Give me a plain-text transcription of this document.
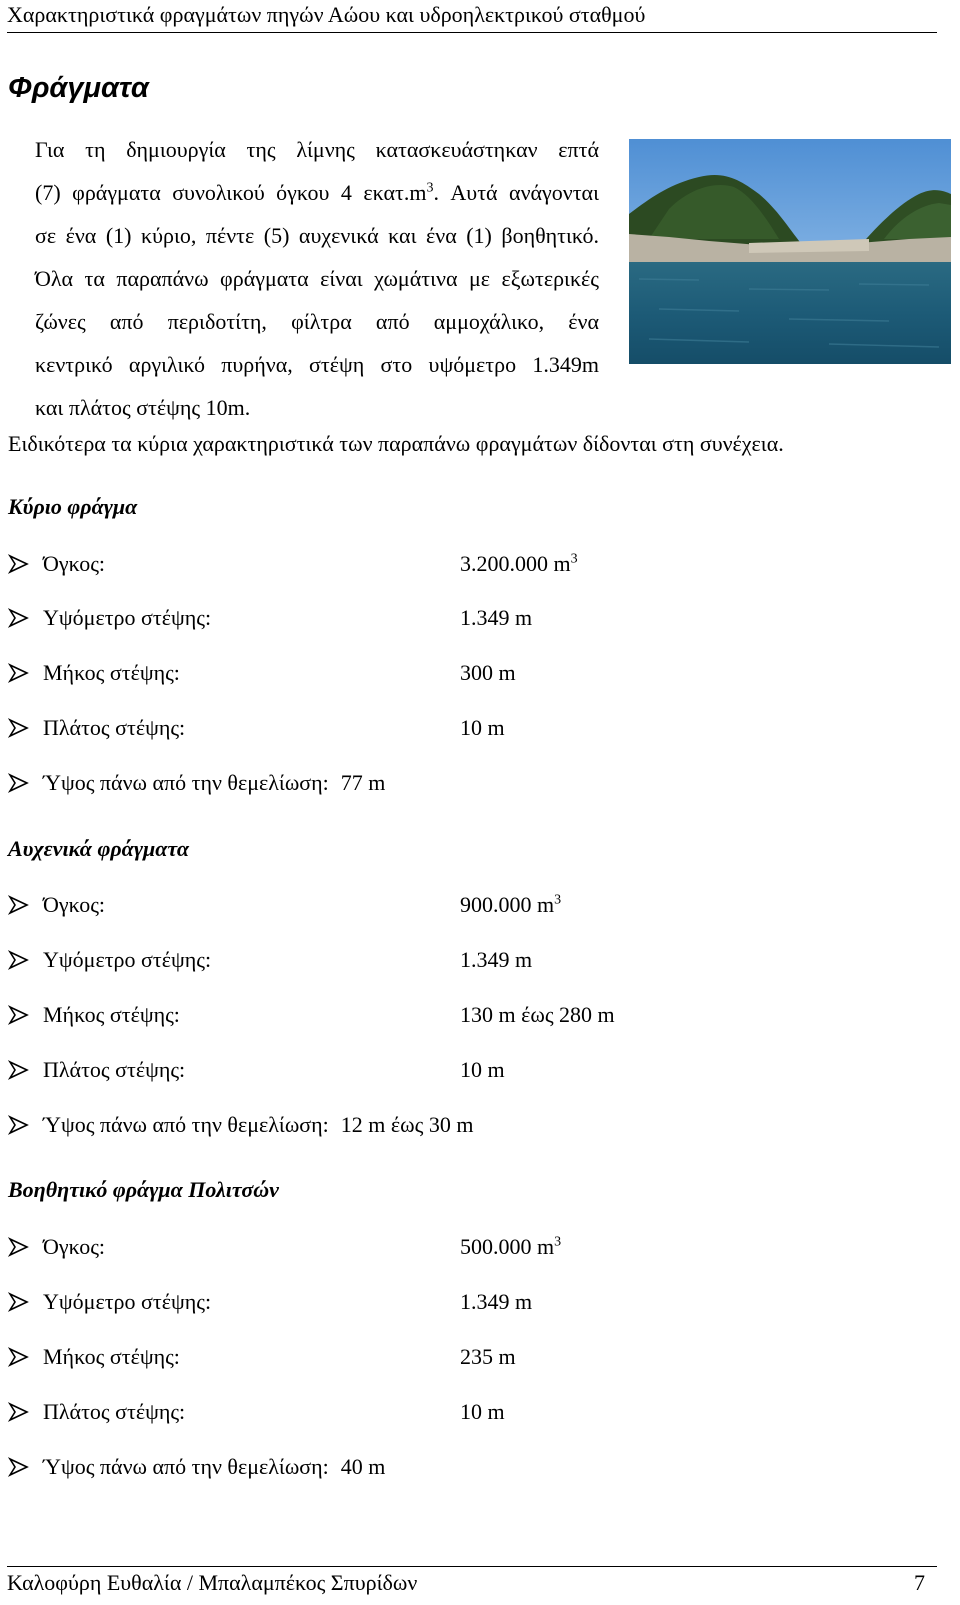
Χαρακτηριστικά φραγμάτων πηγών Αώου και υδροηλεκτρικού σταθμού
Φράγματα
Για τη δημιουργία της λίμνης κατασκευάστηκαν επτά
(7) φράγματα συνολικού όγκου 4 $\varepsilon\kappa\alpha\tau.m^3$. Αυτά ανάγονται
σε ένα (1) κύριο, πέντε (5) αυχενικά και ένα (1) βοηθητικό.
Όλα τα παραπάνω φράγματα είναι χωμάτινα με εξωτερικές
ζώνες από περιδοτίτη, φίλτρα από αμμοχάλικο, ένα
κεντρικό αργιλικό πυρήνα, στέψη στο υψόμετρο 1.349m
και πλάτος στέψης 10m.

Ειδικότερα τα κύρια χαρακτηριστικά των παραπάνω φραγμάτων δίδονται στη συνέχεια.

Κύριο φράγμα
Όγκος:	3.200.000 $m^3$
Υψόμετρο στέψης:	1.349 m
Μήκος στέψης:	300 m
Πλάτος στέψης:	10 m
Ύψος πάνω από την θεμελίωση: 77 m
Αυχενικά φράγματα
Όγκος:	900.000 $m^3$
Υψόμετρο στέψης:	1.349 m
Μήκος στέψης:	130 m έως 280 m
Πλάτος στέψης:	10 m
Ύψος πάνω από την θεμελίωση: 12 m έως 30 m
Βοηθητικό φράγμα Πολιτσών
Όγκος:	500.000 $m^3$
Υψόμετρο στέψης:	1.349 m
Μήκος στέψης:	235 m
Πλάτος στέψης:	10 m
Ύψος πάνω από την θεμελίωση: 40 m
Καλοφύρη Ευθαλία / Μπαλαμπέκος Σπυρίδων	7
